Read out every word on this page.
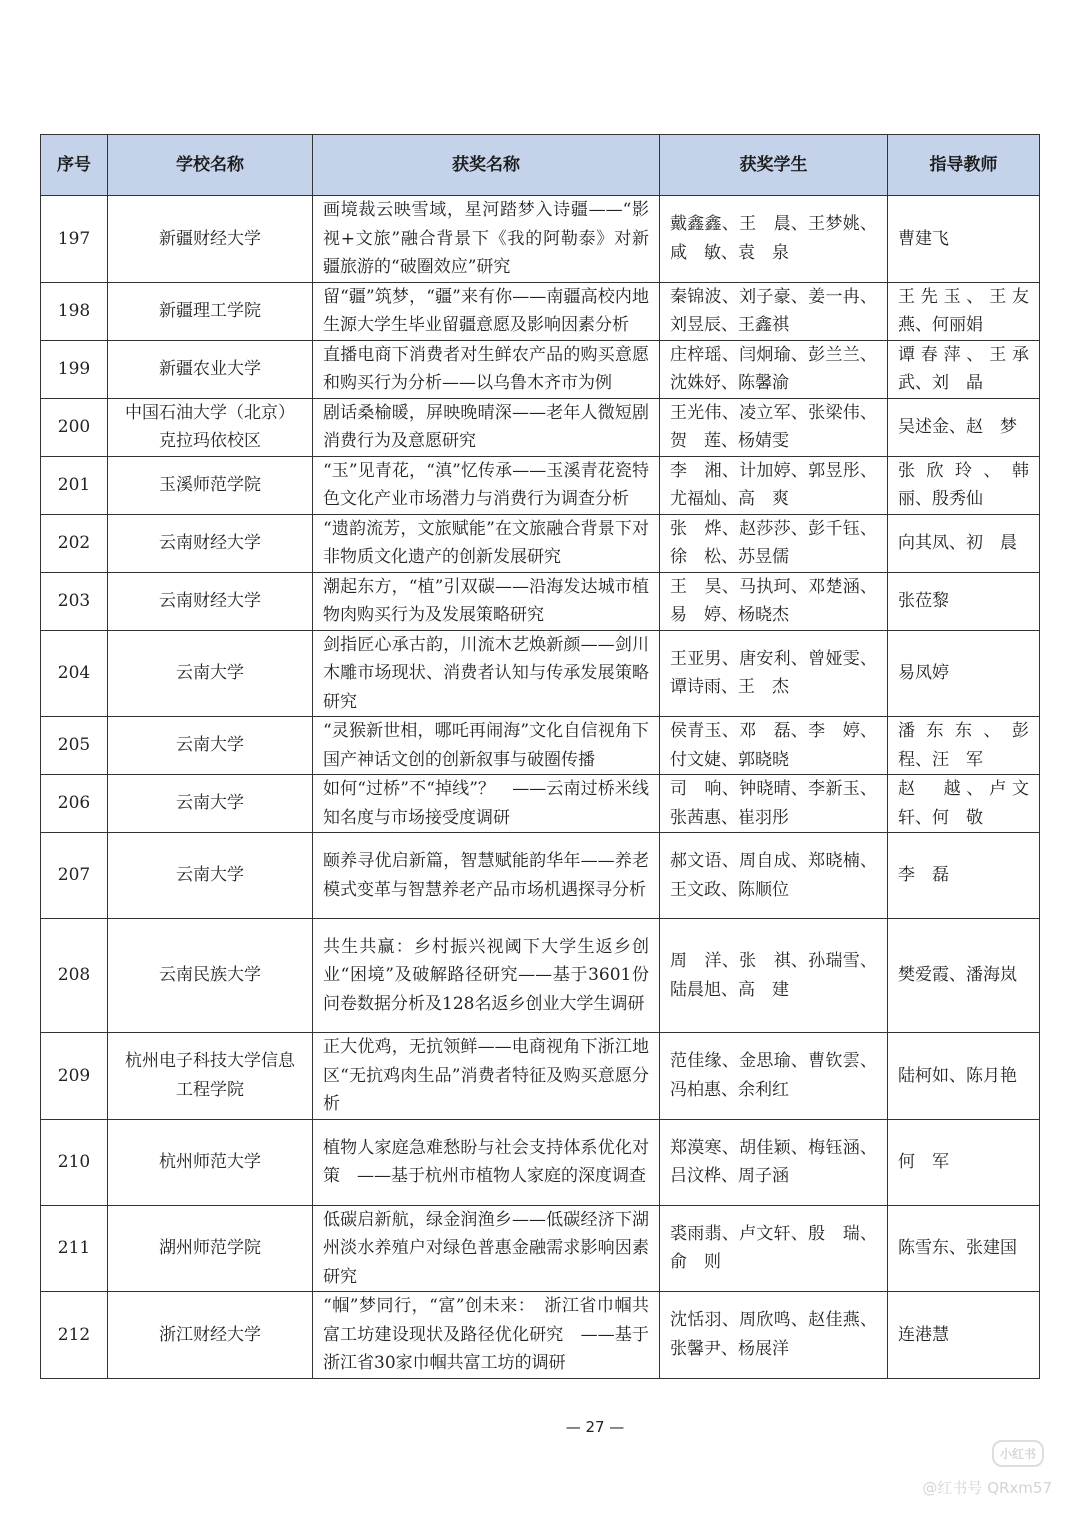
序号	学校名称	获奖名称	获奖学生	指导教师
197	新疆财经大学	画境裁云映雪域，星河踏梦入诗疆——“影视+文旅”融合背景下《我的阿勒泰》对新疆旅游的“破圈效应”研究	戴鑫鑫、王　晨、王梦姚、咸　敏、袁　泉	曹建飞
198	新疆理工学院	留“疆”筑梦，“疆”来有你——南疆高校内地生源大学生毕业留疆意愿及影响因素分析	秦锦波、刘子豪、姜一冉、刘昱辰、王鑫祺	王先玉、王友燕、何丽娟
199	新疆农业大学	直播电商下消费者对生鲜农产品的购买意愿和购买行为分析——以乌鲁木齐市为例	庄梓瑶、闫炯瑜、彭兰兰、沈姝妤、陈馨渝	谭春萍、王承武、刘　晶
200	中国石油大学（北京）克拉玛依校区	剧话桑榆暖，屏映晚晴深——老年人微短剧消费行为及意愿研究	王光伟、凌立军、张梁伟、贺　莲、杨婧雯	吴述金、赵　梦
201	玉溪师范学院	“玉”见青花，“滇”忆传承——玉溪青花瓷特色文化产业市场潜力与消费行为调查分析	李　湘、计加婷、郭昱彤、尤福灿、高　爽	张欣玲、韩　丽、殷秀仙
202	云南财经大学	“遗韵流芳，文旅赋能”在文旅融合背景下对非物质文化遗产的创新发展研究	张　烨、赵莎莎、彭千钰、徐　松、苏昱儒	向其凤、初　晨
203	云南财经大学	潮起东方，“植”引双碳——沿海发达城市植物肉购买行为及发展策略研究	王　昊、马执珂、邓楚涵、易　婷、杨晓杰	张莅黎
204	云南大学	剑指匠心承古韵，川流木艺焕新颜——剑川木雕市场现状、消费者认知与传承发展策略研究	王亚男、唐安利、曾娅雯、谭诗雨、王　杰	易凤婷
205	云南大学	“灵猴新世相，哪吒再闹海”文化自信视角下国产神话文创的创新叙事与破圈传播	侯青玉、邓　磊、李　婷、付文婕、郭晓晓	潘东东、彭　程、汪　军
206	云南大学	如何“过桥”不“掉线”？　——云南过桥米线知名度与市场接受度调研	司　响、钟晓晴、李新玉、张茜惠、崔羽彤	赵　越、卢文轩、何　敬
207	云南大学	颐养寻优启新篇，智慧赋能韵华年——养老模式变革与智慧养老产品市场机遇探寻分析	郝文语、周自成、郑晓楠、王文政、陈顺位	李　磊
208	云南民族大学	共生共赢：乡村振兴视阈下大学生返乡创业“困境”及破解路径研究——基于3601份问卷数据分析及128名返乡创业大学生调研	周　洋、张　祺、孙瑞雪、陆晨旭、高　建	樊爱霞、潘海岚
209	杭州电子科技大学信息工程学院	正大优鸡，无抗领鲜——电商视角下浙江地区“无抗鸡肉生品”消费者特征及购买意愿分析	范佳缘、金思瑜、曹钦雲、冯柏惠、余利红	陆柯如、陈月艳
210	杭州师范大学	植物人家庭急难愁盼与社会支持体系优化对策　——基于杭州市植物人家庭的深度调查	郑漠寒、胡佳颖、梅钰涵、吕汶桦、周子涵	何　军
211	湖州师范学院	低碳启新航，绿金润渔乡——低碳经济下湖州淡水养殖户对绿色普惠金融需求影响因素研究	裘雨翡、卢文轩、殷　瑞、俞　则	陈雪东、张建国
212	浙江财经大学	“帼”梦同行，“富”创未来：　浙江省巾帼共富工坊建设现状及路径优化研究　——基于浙江省30家巾帼共富工坊的调研	沈恬羽、周欣鸣、赵佳燕、张馨尹、杨展洋	连港慧
— 27 —
小红书
@红书号 QRxm57
